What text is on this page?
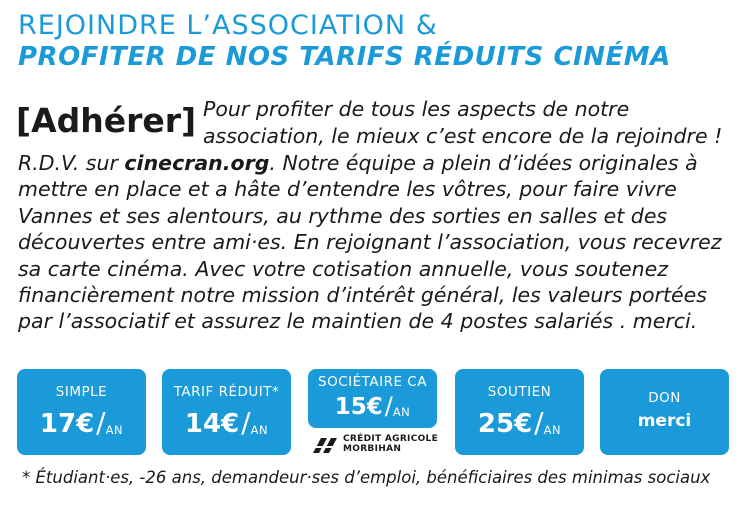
REJOINDRE L’ASSOCIATION &
PROFITER DE NOS TARIFS RÉDUITS CINÉMA
[Adhérer] Pour profiter de tous les aspects de notre
association, le mieux c’est encore de la rejoindre !
R.D.V. sur cinecran.org. Notre équipe a plein d’idées originales à
mettre en place et a hâte d’entendre les vôtres, pour faire vivre
Vannes et ses alentours, au rythme des sorties en salles et des
découvertes entre ami·es. En rejoignant l’association, vous recevrez
sa carte cinéma. Avec votre cotisation annuelle, vous soutenez
financièrement notre mission d’intérêt général, les valeurs portées
par l’associatif et assurez le maintien de 4 postes salariés . merci.
SIMPLE
17€/AN
TARIF RÉDUIT*
14€/AN
SOCIÉTAIRE CA
15€/AN
CRÉDIT AGRICOLE
MORBIHAN
SOUTIEN
25€/AN
DON
merci
* Étudiant·es, -26 ans, demandeur·ses d’emploi, bénéficiaires des minimas sociaux
